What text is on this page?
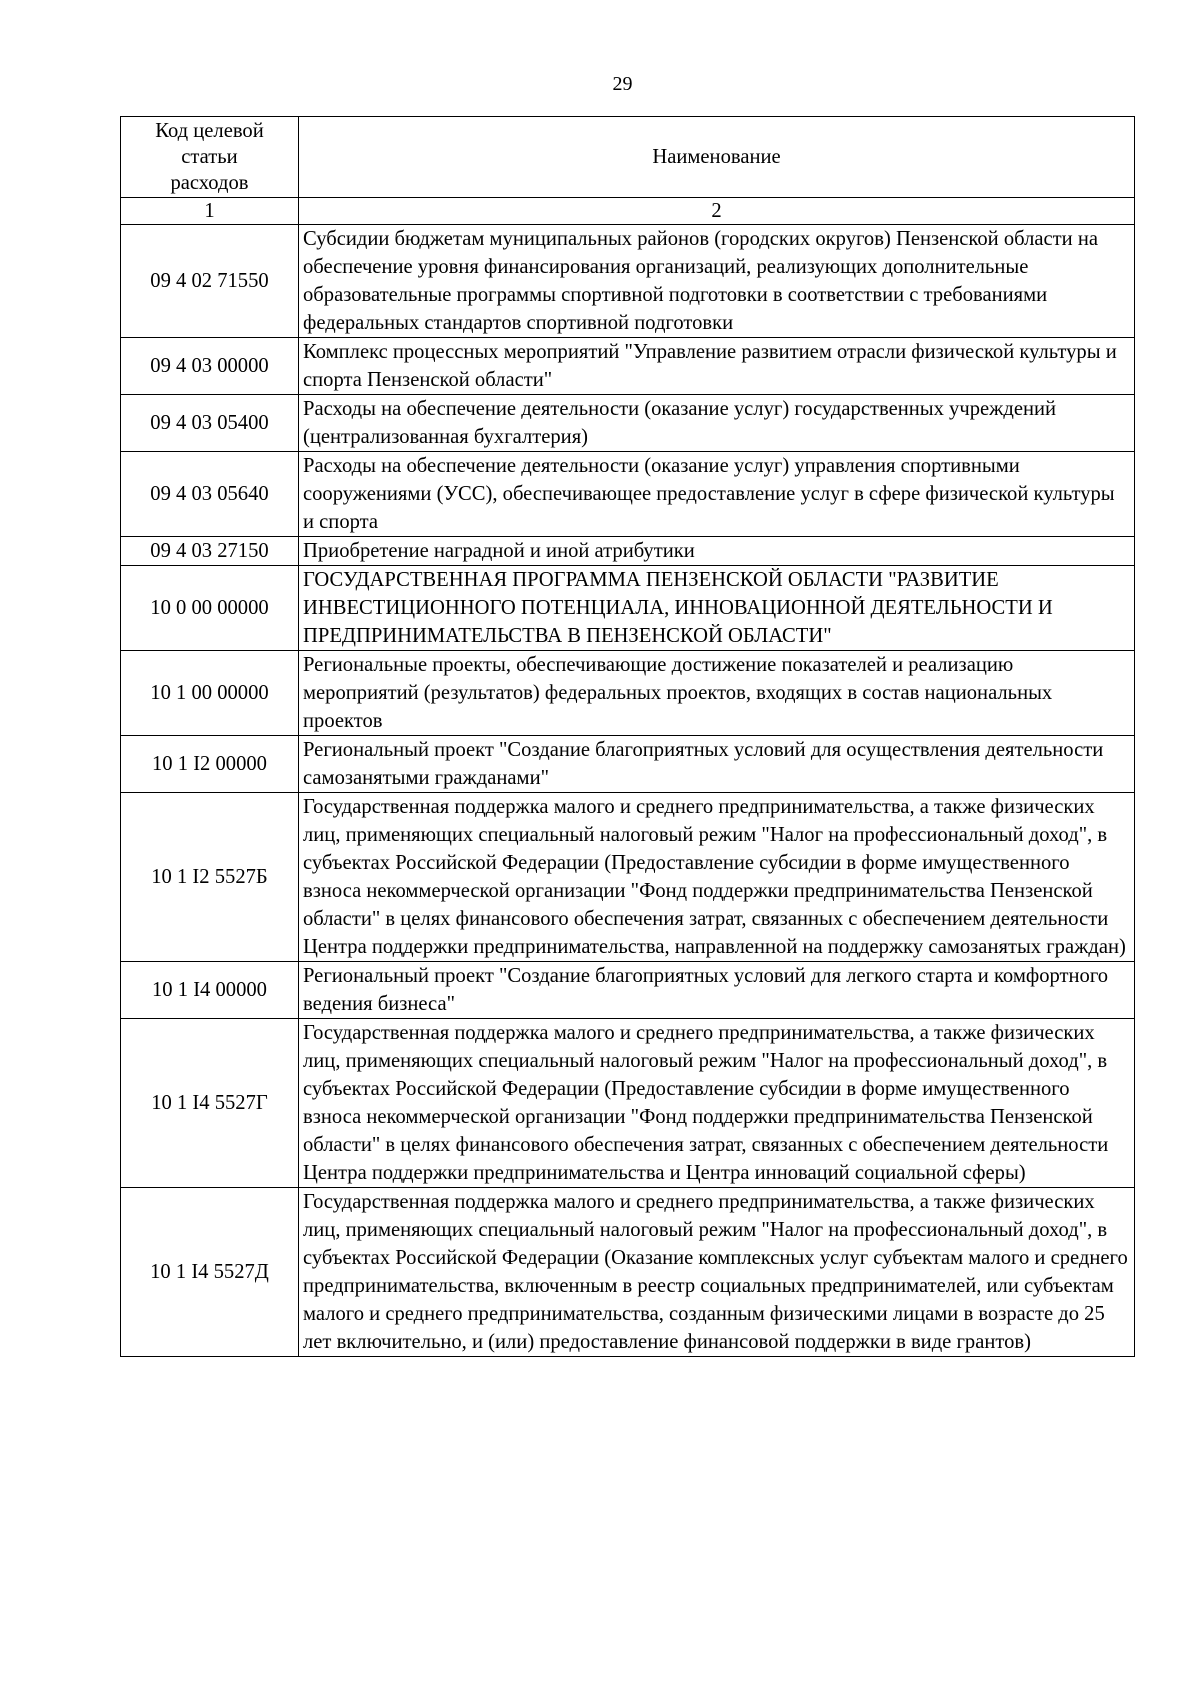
29
Код целевой
статьи
расходов	Наименование
1	2
09 4 02 71550	Субсидии бюджетам муниципальных районов (городских округов) Пензенской области на обеспечение уровня финансирования организаций, реализующих дополнительные образовательные программы спортивной подготовки в соответствии с требованиями федеральных стандартов спортивной подготовки
09 4 03 00000	Комплекс процессных мероприятий "Управление развитием отрасли физической культуры и спорта Пензенской области"
09 4 03 05400	Расходы на обеспечение деятельности (оказание услуг) государственных учреждений (централизованная бухгалтерия)
09 4 03 05640	Расходы на обеспечение деятельности (оказание услуг) управления спортивными сооружениями (УСС), обеспечивающее предоставление услуг в сфере физической культуры и спорта
09 4 03 27150	Приобретение наградной и иной атрибутики
10 0 00 00000	ГОСУДАРСТВЕННАЯ ПРОГРАММА ПЕНЗЕНСКОЙ ОБЛАСТИ "РАЗВИТИЕ ИНВЕСТИЦИОННОГО ПОТЕНЦИАЛА, ИННОВАЦИОННОЙ ДЕЯТЕЛЬНОСТИ И ПРЕДПРИНИМАТЕЛЬСТВА В ПЕНЗЕНСКОЙ ОБЛАСТИ"
10 1 00 00000	Региональные проекты, обеспечивающие достижение показателей и реализацию мероприятий (результатов) федеральных проектов, входящих в состав национальных проектов
10 1 I2 00000	Региональный проект "Создание благоприятных условий для осуществления деятельности самозанятыми гражданами"
10 1 I2 5527Б	Государственная поддержка малого и среднего предпринимательства, а также физических лиц, применяющих специальный налоговый режим "Налог на профессиональный доход", в субъектах Российской Федерации (Предоставление субсидии в форме имущественного взноса некоммерческой организации "Фонд поддержки предпринимательства Пензенской области" в целях финансового обеспечения затрат, связанных с обеспечением деятельности Центра поддержки предпринимательства, направленной на поддержку самозанятых граждан)
10 1 I4 00000	Региональный проект "Создание благоприятных условий для легкого старта и комфортного ведения бизнеса"
10 1 I4 5527Г	Государственная поддержка малого и среднего предпринимательства, а также физических лиц, применяющих специальный налоговый режим "Налог на профессиональный доход", в субъектах Российской Федерации (Предоставление субсидии в форме имущественного взноса некоммерческой организации "Фонд поддержки предпринимательства Пензенской области" в целях финансового обеспечения затрат, связанных с обеспечением деятельности Центра поддержки предпринимательства и Центра инноваций социальной сферы)
10 1 I4 5527Д	Государственная поддержка малого и среднего предпринимательства, а также физических лиц, применяющих специальный налоговый режим "Налог на профессиональный доход", в субъектах Российской Федерации (Оказание комплексных услуг субъектам малого и среднего предпринимательства, включенным в реестр социальных предпринимателей, или субъектам малого и среднего предпринимательства, созданным физическими лицами в возрасте до 25 лет включительно, и (или) предоставление финансовой поддержки в виде грантов)
